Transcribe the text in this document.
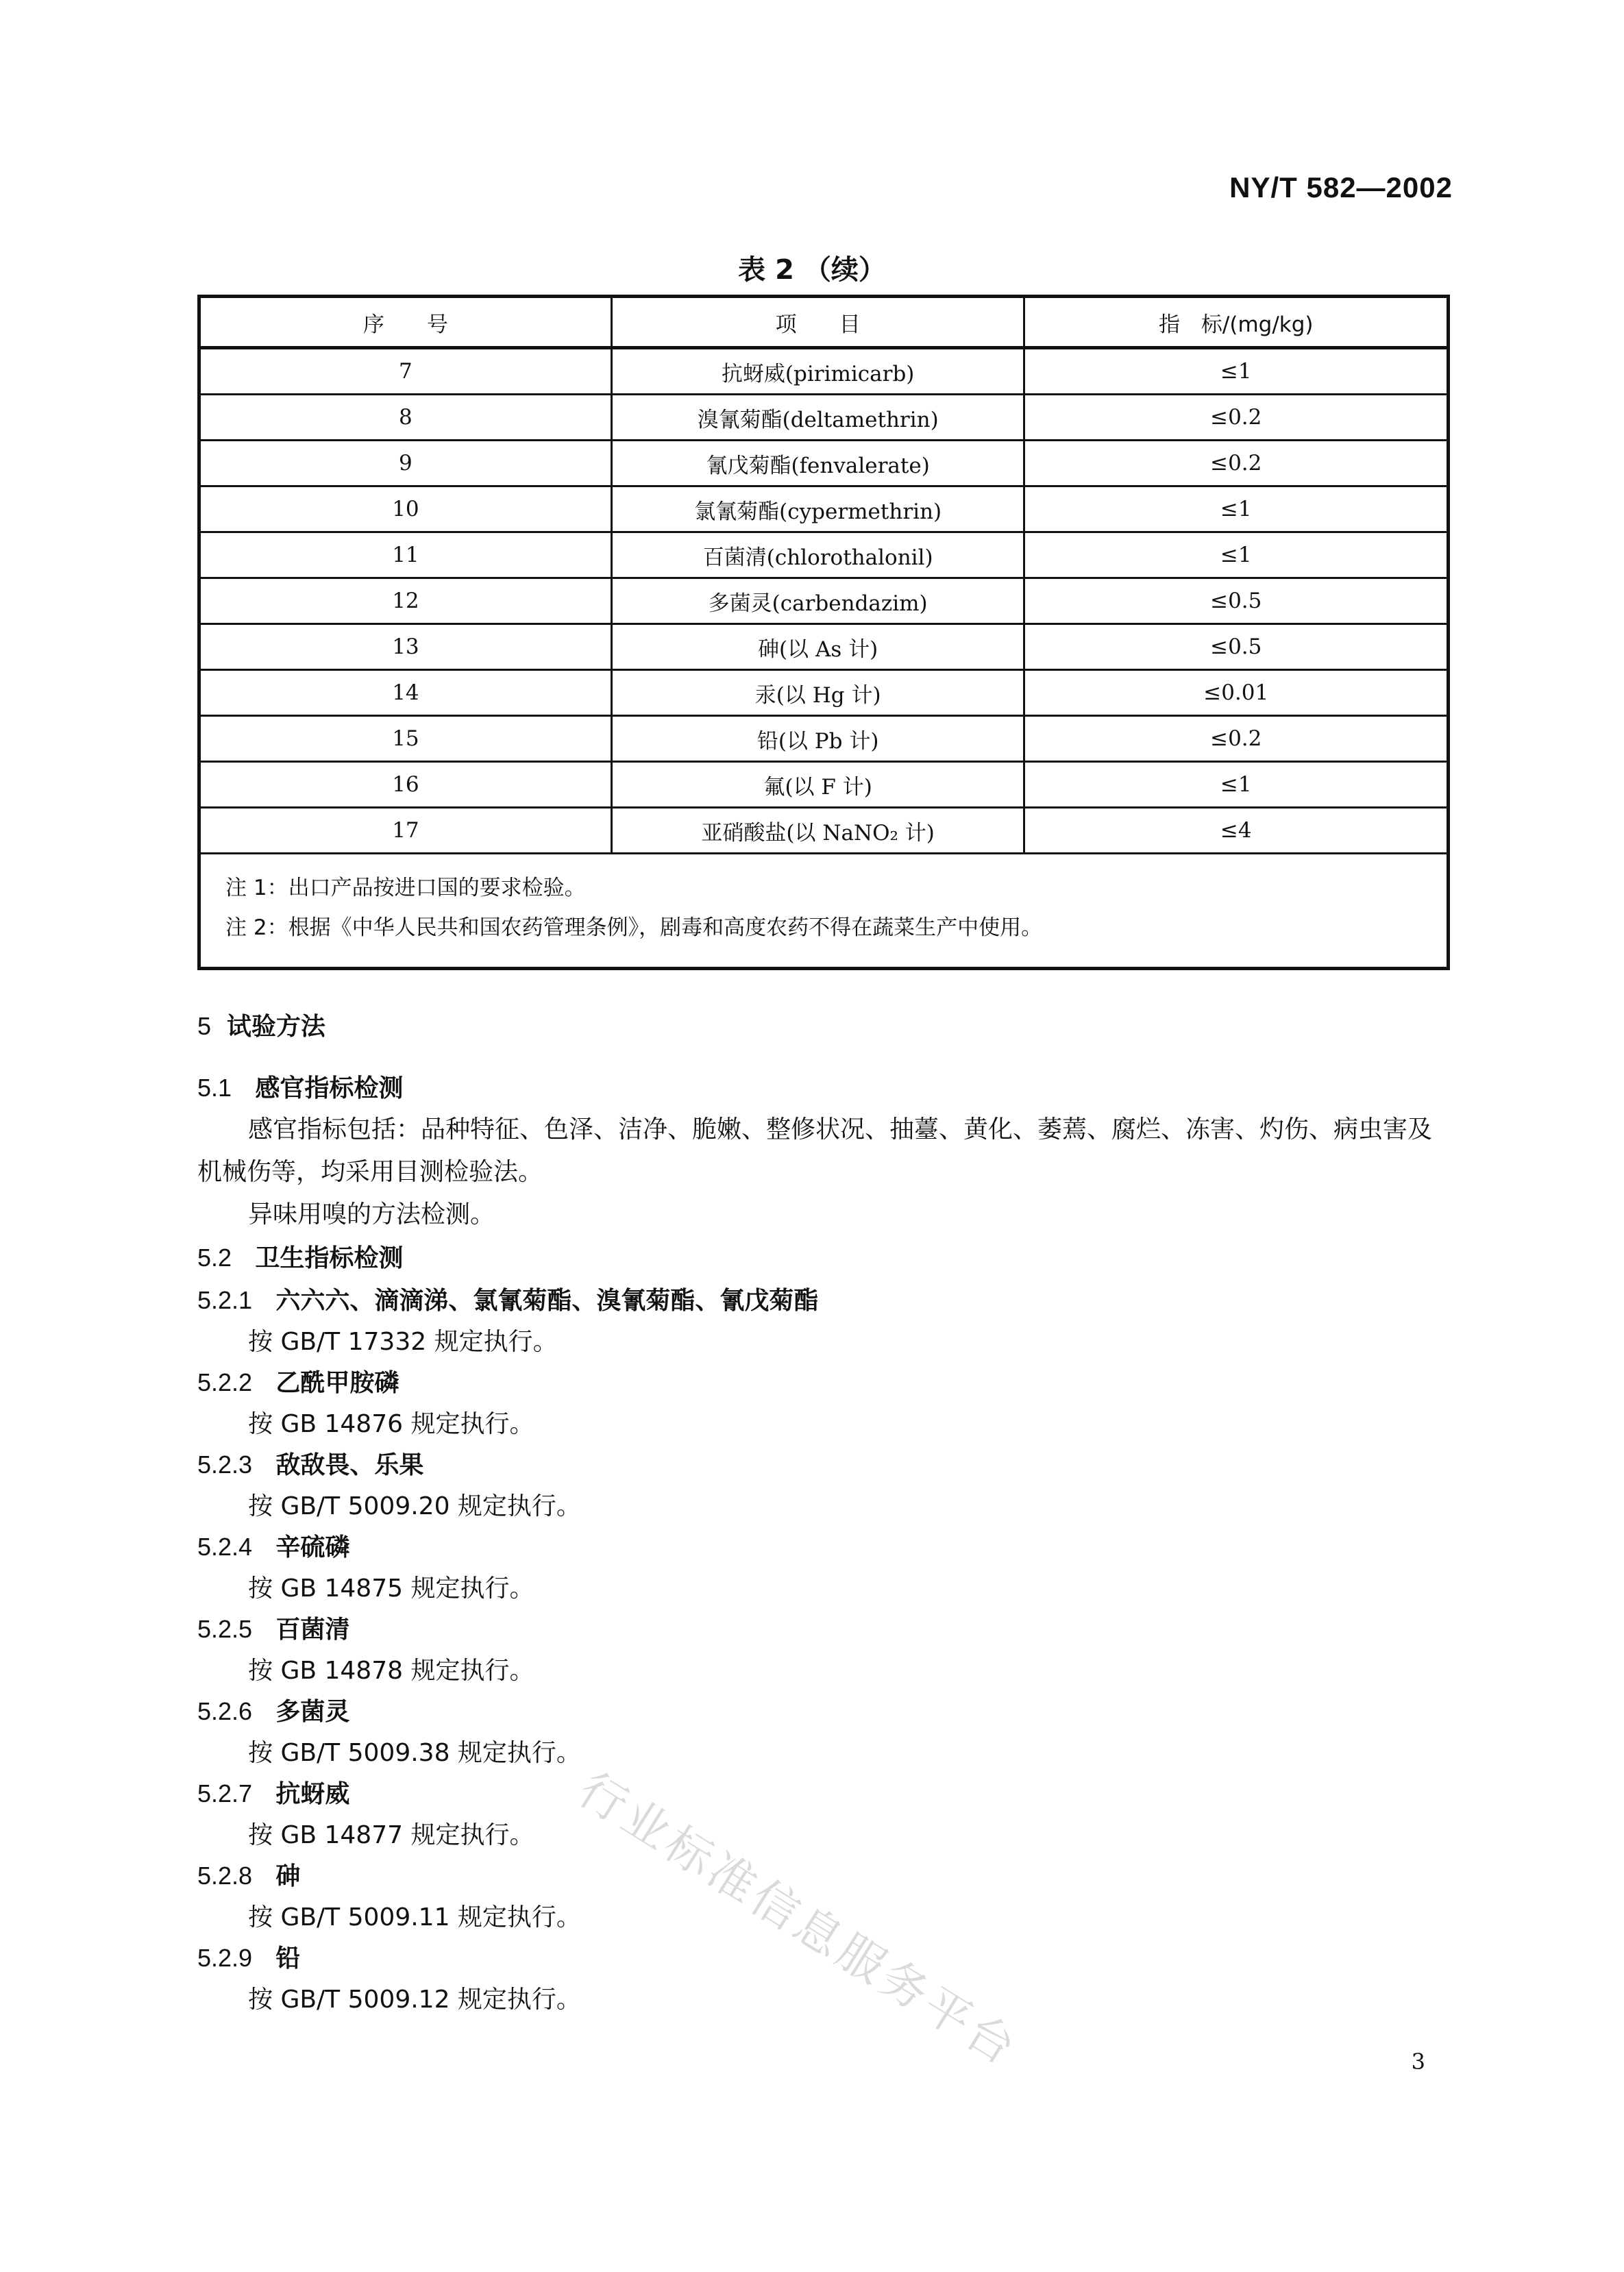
NY/T 582—2002
表 2 （续）
序　　号	项　　目	指　标/(mg/kg)
7	抗蚜威(pirimicarb)	≤1
8	溴氰菊酯(deltamethrin)	≤0.2
9	氰戊菊酯(fenvalerate)	≤0.2
10	氯氰菊酯(cypermethrin)	≤1
11	百菌清(chlorothalonil)	≤1
12	多菌灵(carbendazim)	≤0.5
13	砷(以 As 计)	≤0.5
14	汞(以 Hg 计)	≤0.01
15	铅(以 Pb 计)	≤0.2
16	氟(以 F 计)	≤1
17	亚硝酸盐(以 NaNO₂ 计)	≤4

注 1：出口产品按进口国的要求检验。
注 2：根据《中华人民共和国农药管理条例》，剧毒和高度农药不得在蔬菜生产中使用。		
5 试验方法
5.1 感官指标检测
感官指标包括：品种特征、色泽、洁净、脆嫩、整修状况、抽薹、黄化、萎蔫、腐烂、冻害、灼伤、病虫害及
机械伤等，均采用目测检验法。
异味用嗅的方法检测。
5.2 卫生指标检测
5.2.1 六六六、滴滴涕、氯氰菊酯、溴氰菊酯、氰戊菊酯
按 GB/T 17332 规定执行。
5.2.2 乙酰甲胺磷
按 GB 14876 规定执行。
5.2.3 敌敌畏、乐果
按 GB/T 5009.20 规定执行。
5.2.4 辛硫磷
按 GB 14875 规定执行。
5.2.5 百菌清
按 GB 14878 规定执行。
5.2.6 多菌灵
按 GB/T 5009.38 规定执行。
5.2.7 抗蚜威
按 GB 14877 规定执行。
5.2.8 砷
按 GB/T 5009.11 规定执行。
5.2.9 铅
按 GB/T 5009.12 规定执行。
行业标准信息服务平台	3
